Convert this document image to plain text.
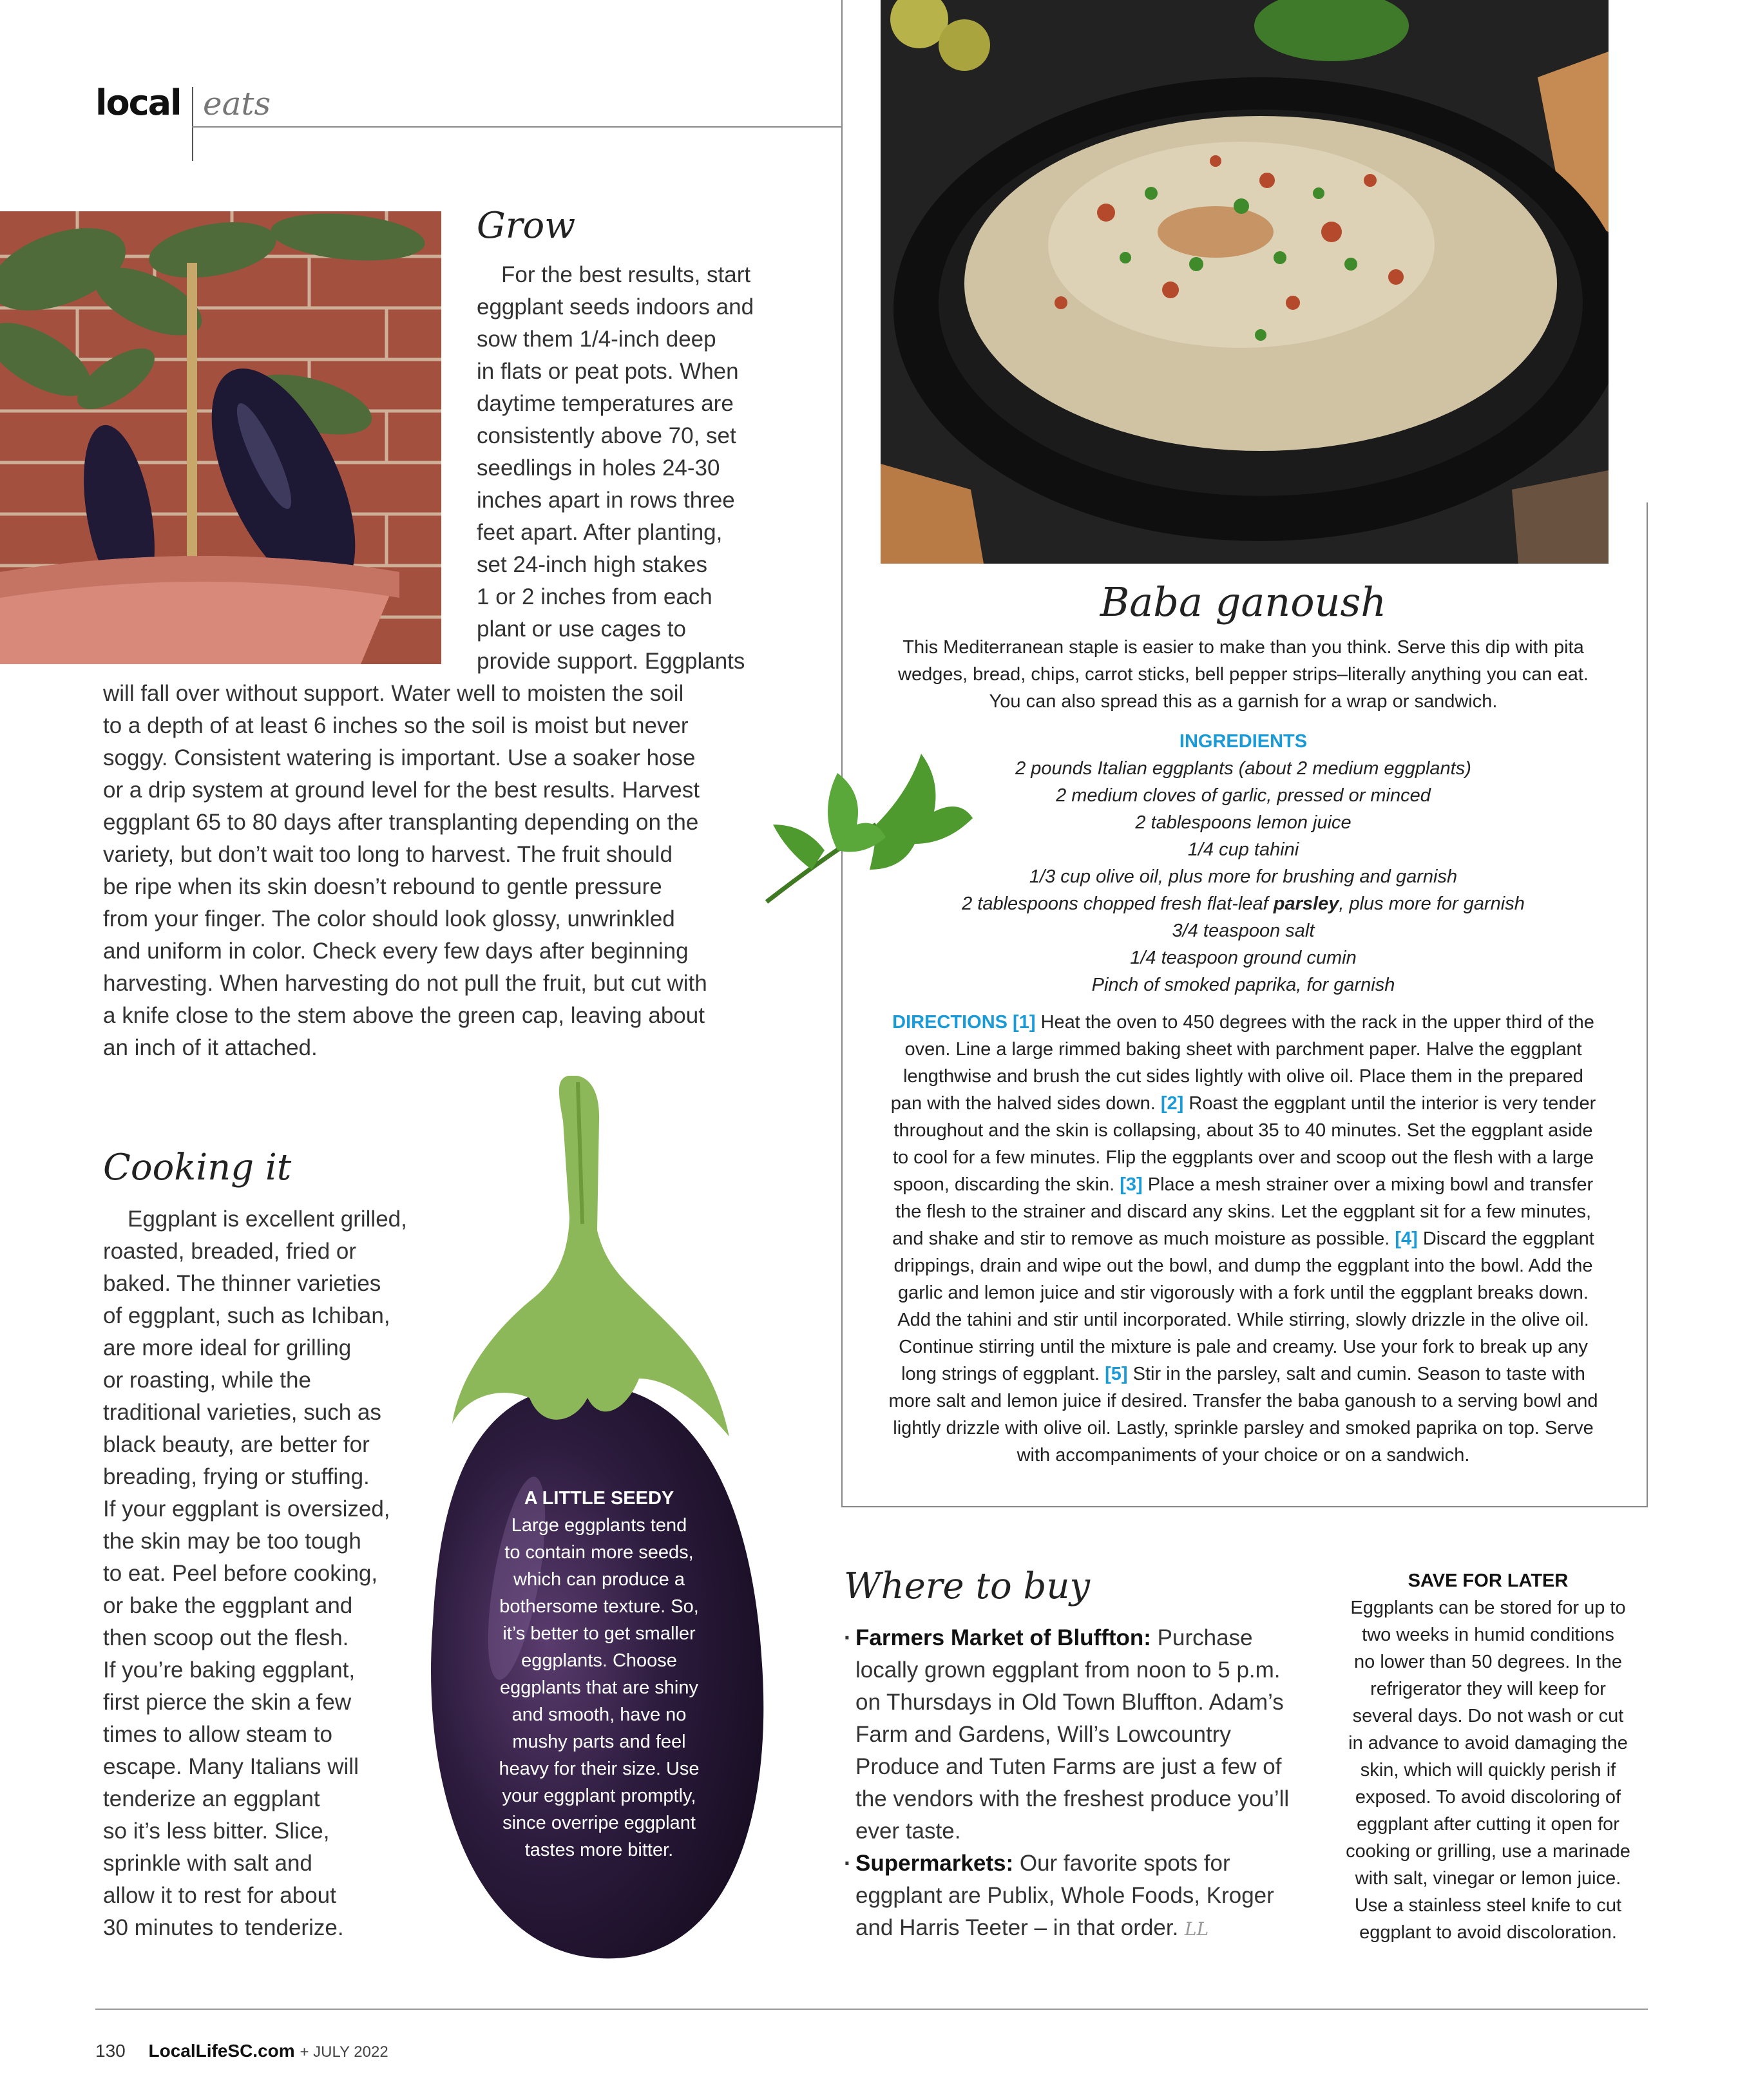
local eats
Grow
For the best results, start
eggplant seeds indoors and
sow them 1/4-inch deep
in flats or peat pots. When
daytime temperatures are
consistently above 70, set
seedlings in holes 24-30
inches apart in rows three
feet apart. After planting,
set 24-inch high stakes
1 or 2 inches from each
plant or use cages to
provide support. Eggplants
will fall over without support. Water well to moisten the soil
to a depth of at least 6 inches so the soil is moist but never
soggy. Consistent watering is important. Use a soaker hose
or a drip system at ground level for the best results. Harvest
eggplant 65 to 80 days after transplanting depending on the
variety, but don’t wait too long to harvest. The fruit should
be ripe when its skin doesn’t rebound to gentle pressure
from your finger. The color should look glossy, unwrinkled
and uniform in color. Check every few days after beginning
harvesting. When harvesting do not pull the fruit, but cut with
a knife close to the stem above the green cap, leaving about
an inch of it attached.
Cooking it
Eggplant is excellent grilled,
roasted, breaded, fried or
baked. The thinner varieties
of eggplant, such as Ichiban,
are more ideal for grilling
or roasting, while the
traditional varieties, such as
black beauty, are better for
breading, frying or stuffing.
If your eggplant is oversized,
the skin may be too tough
to eat. Peel before cooking,
or bake the eggplant and
then scoop out the flesh.
If you’re baking eggplant,
first pierce the skin a few
times to allow steam to
escape. Many Italians will
tenderize an eggplant
so it’s less bitter. Slice,
sprinkle with salt and
allow it to rest for about
30 minutes to tenderize.
A LITTLE SEEDY
Large eggplants tend
to contain more seeds,
which can produce a
bothersome texture. So,
it’s better to get smaller
eggplants. Choose
eggplants that are shiny
and smooth, have no
mushy parts and feel
heavy for their size. Use
your eggplant promptly,
since overripe eggplant
tastes more bitter.
Baba ganoush
This Mediterranean staple is easier to make than you think. Serve this dip with pita
wedges, bread, chips, carrot sticks, bell pepper strips–literally anything you can eat.
You can also spread this as a garnish for a wrap or sandwich.
INGREDIENTS
2 pounds Italian eggplants (about 2 medium eggplants)
2 medium cloves of garlic, pressed or minced
2 tablespoons lemon juice
1/4 cup tahini
1/3 cup olive oil, plus more for brushing and garnish
2 tablespoons chopped fresh flat-leaf parsley, plus more for garnish
3/4 teaspoon salt
1/4 teaspoon ground cumin
Pinch of smoked paprika, for garnish
DIRECTIONS [1] Heat the oven to 450 degrees with the rack in the upper third of the oven. Line a large rimmed baking sheet with parchment paper. Halve the eggplant lengthwise and brush the cut sides lightly with olive oil. Place them in the prepared pan with the halved sides down. [2] Roast the eggplant until the interior is very tender throughout and the skin is collapsing, about 35 to 40 minutes. Set the eggplant aside to cool for a few minutes. Flip the eggplants over and scoop out the flesh with a large spoon, discarding the skin. [3] Place a mesh strainer over a mixing bowl and transfer the flesh to the strainer and discard any skins. Let the eggplant sit for a few minutes, and shake and stir to remove as much moisture as possible. [4] Discard the eggplant drippings, drain and wipe out the bowl, and dump the eggplant into the bowl. Add the garlic and lemon juice and stir vigorously with a fork until the eggplant breaks down. Add the tahini and stir until incorporated. While stirring, slowly drizzle in the olive oil. Continue stirring until the mixture is pale and creamy. Use your fork to break up any long strings of eggplant. [5] Stir in the parsley, salt and cumin. Season to taste with more salt and lemon juice if desired. Transfer the baba ganoush to a serving bowl and lightly drizzle with olive oil. Lastly, sprinkle parsley and smoked paprika on top. Serve with accompaniments of your choice or on a sandwich.
Where to buy
· Farmers Market of Bluffton: Purchase locally grown eggplant from noon to 5 p.m. on Thursdays in Old Town Bluffton. Adam’s Farm and Gardens, Will’s Lowcountry Produce and Tuten Farms are just a few of the vendors with the freshest produce you’ll ever taste.
· Supermarkets: Our favorite spots for eggplant are Publix, Whole Foods, Kroger and Harris Teeter – in that order. LL
SAVE FOR LATER
Eggplants can be stored for up to
two weeks in humid conditions
no lower than 50 degrees. In the
refrigerator they will keep for
several days. Do not wash or cut
in advance to avoid damaging the
skin, which will quickly perish if
exposed. To avoid discoloring of
eggplant after cutting it open for
cooking or grilling, use a marinade
with salt, vinegar or lemon juice.
Use a stainless steel knife to cut
eggplant to avoid discoloration.
130 LocalLifeSC.com + JULY 2022
